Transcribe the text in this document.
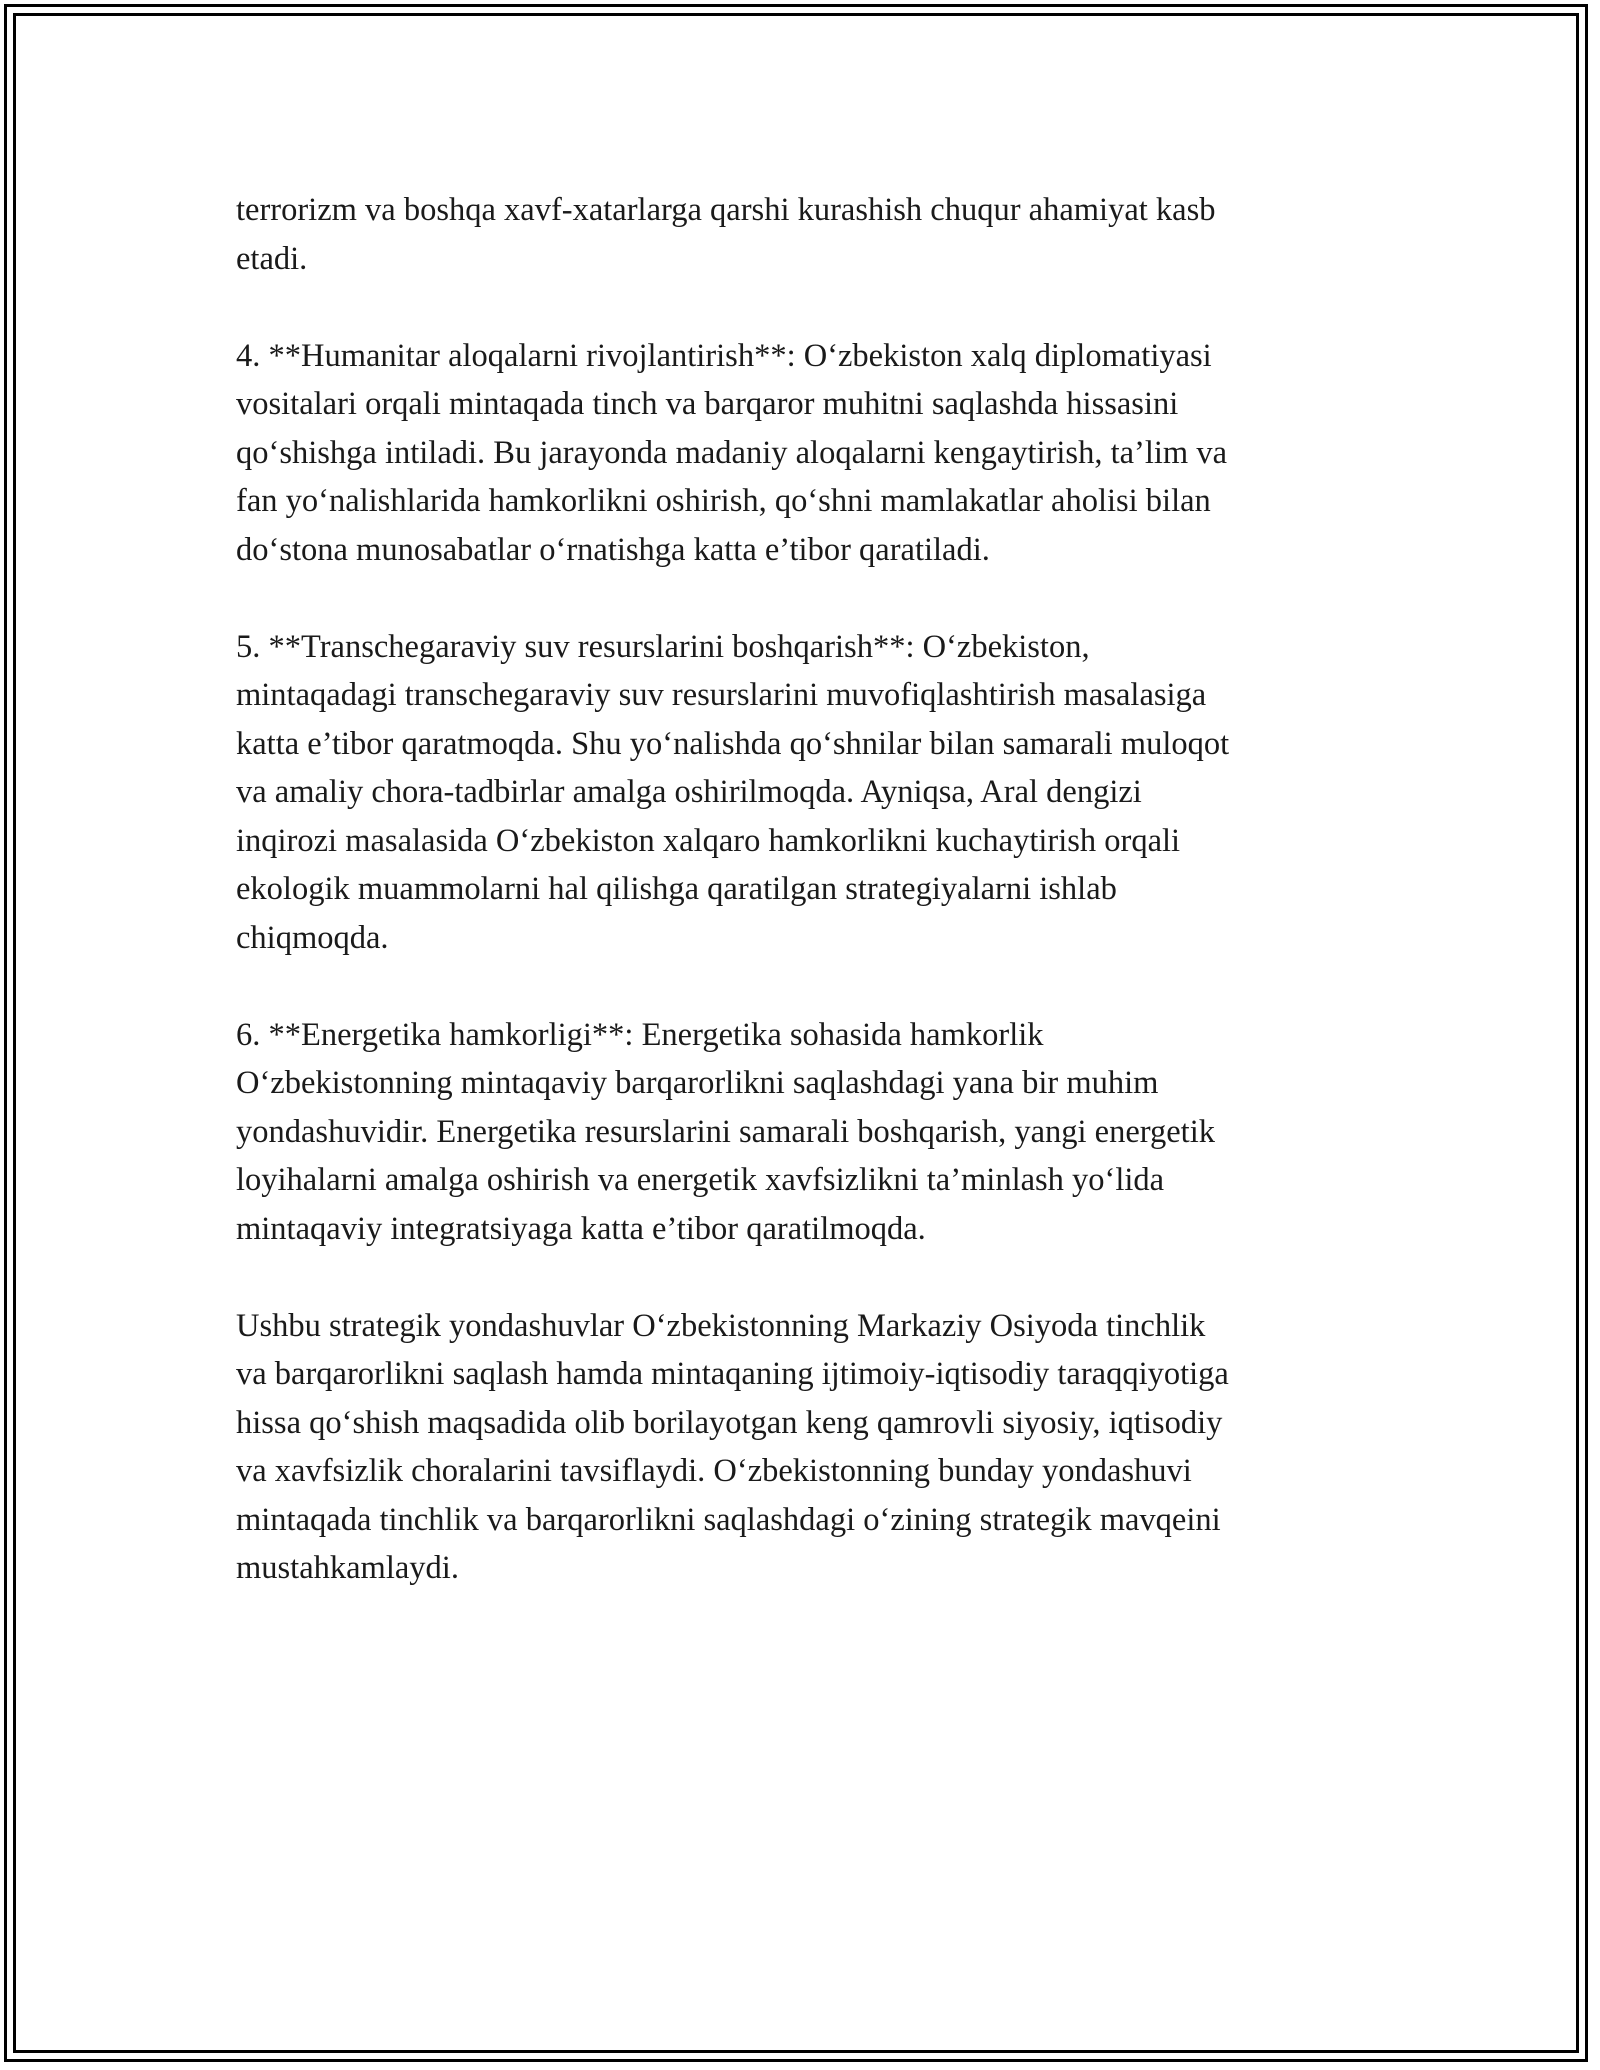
terrorizm va boshqa xavf-xatarlarga qarshi kurashish chuqur ahamiyat kasb
etadi.

4. **Humanitar aloqalarni rivojlantirish**: O‘zbekiston xalq diplomatiyasi
vositalari orqali mintaqada tinch va barqaror muhitni saqlashda hissasini
qo‘shishga intiladi. Bu jarayonda madaniy aloqalarni kengaytirish, ta’lim va
fan yo‘nalishlarida hamkorlikni oshirish, qo‘shni mamlakatlar aholisi bilan
do‘stona munosabatlar o‘rnatishga katta e’tibor qaratiladi.

5. **Transchegaraviy suv resurslarini boshqarish**: O‘zbekiston,
mintaqadagi transchegaraviy suv resurslarini muvofiqlashtirish masalasiga
katta e’tibor qaratmoqda. Shu yo‘nalishda qo‘shnilar bilan samarali muloqot
va amaliy chora-tadbirlar amalga oshirilmoqda. Ayniqsa, Aral dengizi
inqirozi masalasida O‘zbekiston xalqaro hamkorlikni kuchaytirish orqali
ekologik muammolarni hal qilishga qaratilgan strategiyalarni ishlab
chiqmoqda.

6. **Energetika hamkorligi**: Energetika sohasida hamkorlik
O‘zbekistonning mintaqaviy barqarorlikni saqlashdagi yana bir muhim
yondashuvidir. Energetika resurslarini samarali boshqarish, yangi energetik
loyihalarni amalga oshirish va energetik xavfsizlikni ta’minlash yo‘lida
mintaqaviy integratsiyaga katta e’tibor qaratilmoqda.

Ushbu strategik yondashuvlar O‘zbekistonning Markaziy Osiyoda tinchlik
va barqarorlikni saqlash hamda mintaqaning ijtimoiy-iqtisodiy taraqqiyotiga
hissa qo‘shish maqsadida olib borilayotgan keng qamrovli siyosiy, iqtisodiy
va xavfsizlik choralarini tavsiflaydi. O‘zbekistonning bunday yondashuvi
mintaqada tinchlik va barqarorlikni saqlashdagi o‘zining strategik mavqeini
mustahkamlaydi.
